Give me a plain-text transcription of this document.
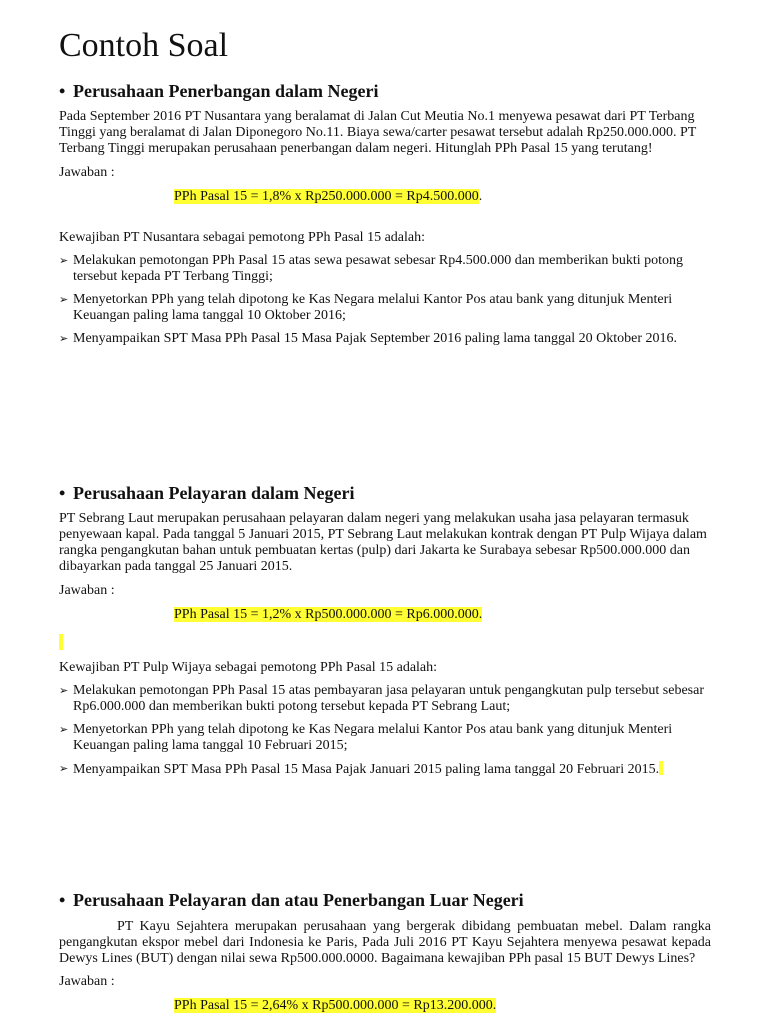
Contoh Soal
• Perusahaan Penerbangan dalam Negeri

Pada September 2016 PT Nusantara yang beralamat di Jalan Cut Meutia No.1 menyewa pesawat dari PT Terbang Tinggi yang beralamat di Jalan Diponegoro No.11. Biaya sewa/carter pesawat tersebut adalah Rp250.000.000. PT Terbang Tinggi merupakan perusahaan penerbangan dalam negeri. Hitunglah PPh Pasal 15 yang terutang!

Jawaban :

PPh Pasal 15 = 1,8% x Rp250.000.000 = Rp4.500.000.

Kewajiban PT Nusantara sebagai pemotong PPh Pasal 15 adalah:

➢ Melakukan pemotongan PPh Pasal 15 atas sewa pesawat sebesar Rp4.500.000 dan memberikan bukti potong tersebut kepada PT Terbang Tinggi;
➢ Menyetorkan PPh yang telah dipotong ke Kas Negara melalui Kantor Pos atau bank yang ditunjuk Menteri Keuangan paling lama tanggal 10 Oktober 2016;
➢ Menyampaikan SPT Masa PPh Pasal 15 Masa Pajak September 2016 paling lama tanggal 20 Oktober 2016.
• Perusahaan Pelayaran dalam Negeri

PT Sebrang Laut merupakan perusahaan pelayaran dalam negeri yang melakukan usaha jasa pelayaran termasuk penyewaan kapal. Pada tanggal 5 Januari 2015, PT Sebrang Laut melakukan kontrak dengan PT Pulp Wijaya dalam rangka pengangkutan bahan untuk pembuatan kertas (pulp) dari Jakarta ke Surabaya sebesar Rp500.000.000 dan dibayarkan pada tanggal 25 Januari 2015.

Jawaban :

PPh Pasal 15 = 1,2% x Rp500.000.000 = Rp6.000.000.

Kewajiban PT Pulp Wijaya sebagai pemotong PPh Pasal 15 adalah:

➢ Melakukan pemotongan PPh Pasal 15 atas pembayaran jasa pelayaran untuk pengangkutan pulp tersebut sebesar Rp6.000.000 dan memberikan bukti potong tersebut kepada PT Sebrang Laut;
➢ Menyetorkan PPh yang telah dipotong ke Kas Negara melalui Kantor Pos atau bank yang ditunjuk Menteri Keuangan paling lama tanggal 10 Februari 2015;
➢ Menyampaikan SPT Masa PPh Pasal 15 Masa Pajak Januari 2015 paling lama tanggal 20 Februari 2015.
• Perusahaan Pelayaran dan atau Penerbangan Luar Negeri

PT Kayu Sejahtera merupakan perusahaan yang bergerak dibidang pembuatan mebel. Dalam rangka pengangkutan ekspor mebel dari Indonesia ke Paris, Pada Juli 2016 PT Kayu Sejahtera menyewa pesawat kepada Dewys Lines (BUT) dengan nilai sewa Rp500.000.0000. Bagaimana kewajiban PPh pasal 15 BUT Dewys Lines?

Jawaban :

PPh Pasal 15 = 2,64% x Rp500.000.000 = Rp13.200.000.
